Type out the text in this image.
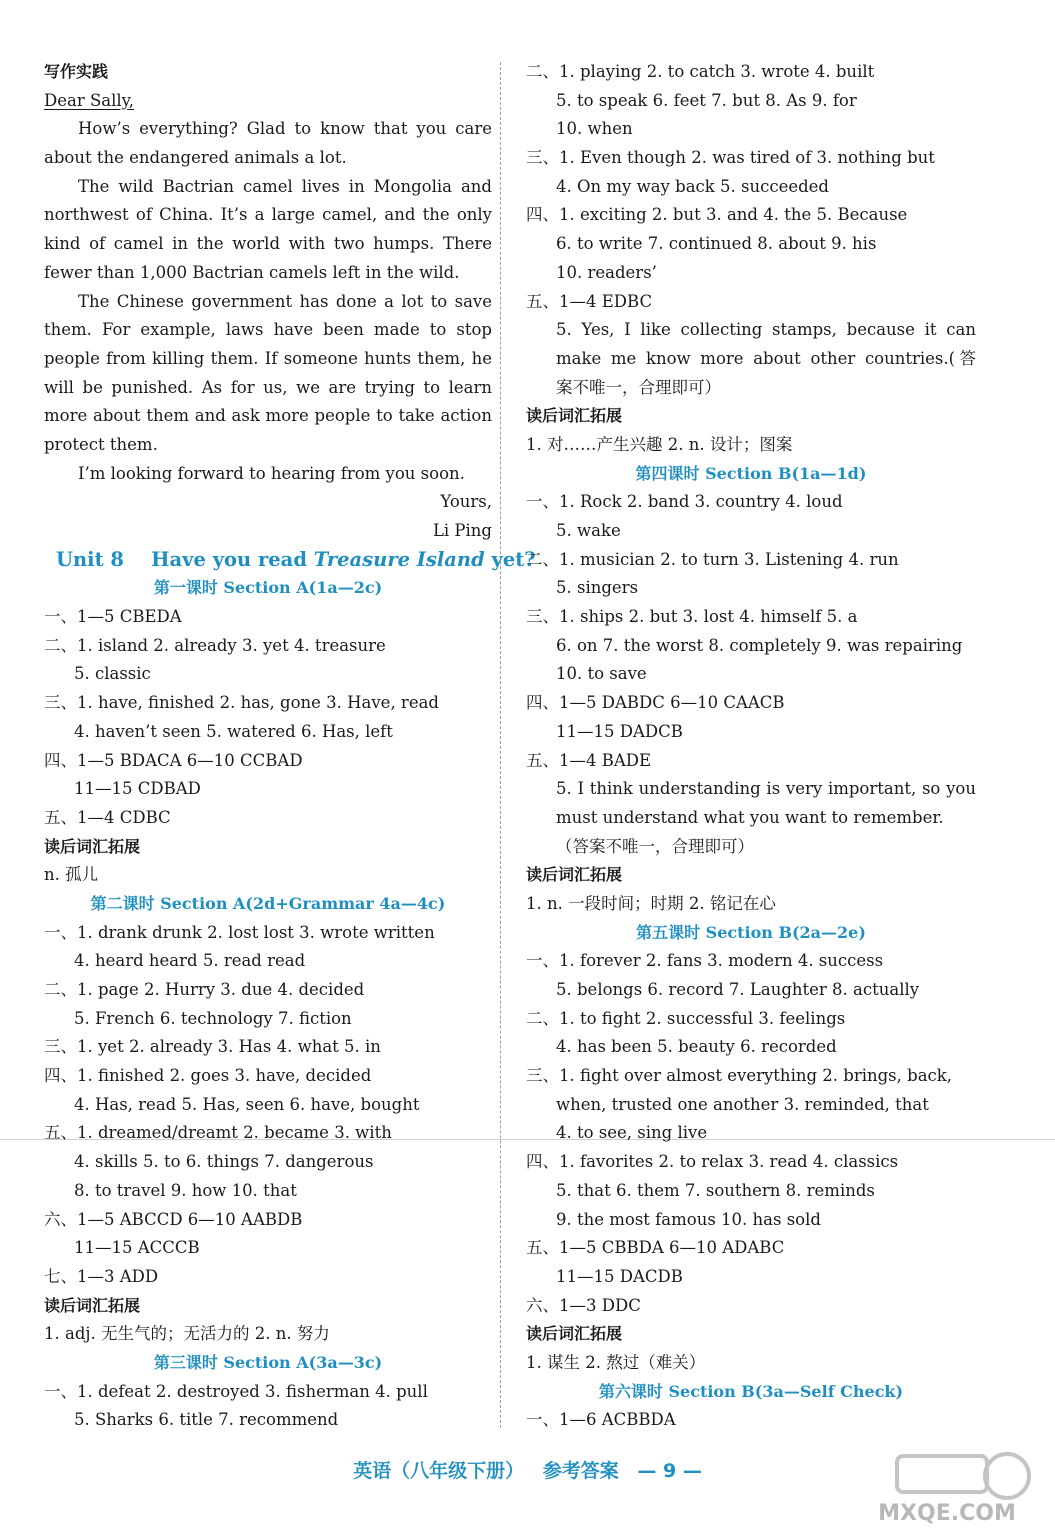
写作实践
Dear Sally,
How’s everything? Glad to know that you care
about the endangered animals a lot.
The wild Bactrian camel lives in Mongolia and
northwest of China. It’s a large camel, and the only
kind of camel in the world with two humps. There
fewer than 1,000 Bactrian camels left in the wild.
The Chinese government has done a lot to save
them. For example, laws have been made to stop
people from killing them. If someone hunts them, he
will be punished. As for us, we are trying to learn
more about them and ask more people to take action
protect them.
I’m looking forward to hearing from you soon.
Yours,
Li Ping
Unit 8    Have you read Treasure Island yet?
第一课时 Section A(1a—2c)
一、1—5 CBEDA
二、1. island 2. already 3. yet 4. treasure
5. classic
三、1. have, finished 2. has, gone 3. Have, read
4. haven’t seen 5. watered 6. Has, left
四、1—5 BDACA 6—10 CCBAD
11—15 CDBAD
五、1—4 CDBC
读后词汇拓展
n. 孤儿
第二课时 Section A(2d+Grammar 4a—4c)
一、1. drank drunk 2. lost lost 3. wrote written
4. heard heard 5. read read
二、1. page 2. Hurry 3. due 4. decided
5. French 6. technology 7. fiction
三、1. yet 2. already 3. Has 4. what 5. in
四、1. finished 2. goes 3. have, decided
4. Has, read 5. Has, seen 6. have, bought
五、1. dreamed/dreamt 2. became 3. with
4. skills 5. to 6. things 7. dangerous
8. to travel 9. how 10. that
六、1—5 ABCCD 6—10 AABDB
11—15 ACCCB
七、1—3 ADD
读后词汇拓展
1. adj. 无生气的；无活力的 2. n. 努力
第三课时 Section A(3a—3c)
一、1. defeat 2. destroyed 3. fisherman 4. pull
5. Sharks 6. title 7. recommend
二、1. playing 2. to catch 3. wrote 4. built
5. to speak 6. feet 7. but 8. As 9. for
10. when
三、1. Even though 2. was tired of 3. nothing but
4. On my way back 5. succeeded
四、1. exciting 2. but 3. and 4. the 5. Because
6. to write 7. continued 8. about 9. his
10. readers’
五、1—4 EDBC
5. Yes, I like collecting stamps, because it can
make me know more about other countries.(答
案不唯一，合理即可）
读后词汇拓展
1. 对……产生兴趣 2. n. 设计；图案
第四课时 Section B(1a—1d)
一、1. Rock 2. band 3. country 4. loud
5. wake
二、1. musician 2. to turn 3. Listening 4. run
5. singers
三、1. ships 2. but 3. lost 4. himself 5. a
6. on 7. the worst 8. completely 9. was repairing
10. to save
四、1—5 DABDC 6—10 CAACB
11—15 DADCB
五、1—4 BADE
5. I think understanding is very important, so you
must understand what you want to remember.
（答案不唯一，合理即可）
读后词汇拓展
1. n. 一段时间；时期 2. 铭记在心
第五课时 Section B(2a—2e)
一、1. forever 2. fans 3. modern 4. success
5. belongs 6. record 7. Laughter 8. actually
二、1. to fight 2. successful 3. feelings
4. has been 5. beauty 6. recorded
三、1. fight over almost everything 2. brings, back,
when, trusted one another 3. reminded, that
4. to see, sing live
四、1. favorites 2. to relax 3. read 4. classics
5. that 6. them 7. southern 8. reminds
9. the most famous 10. has sold
五、1—5 CBBDA 6—10 ADABC
11—15 DACDB
六、1—3 DDC
读后词汇拓展
1. 谋生 2. 熬过（难关）
第六课时 Section B(3a—Self Check)
一、1—6 ACBBDA
英语（八年级下册） 参考答案 — 9 —
MXQE.COM
